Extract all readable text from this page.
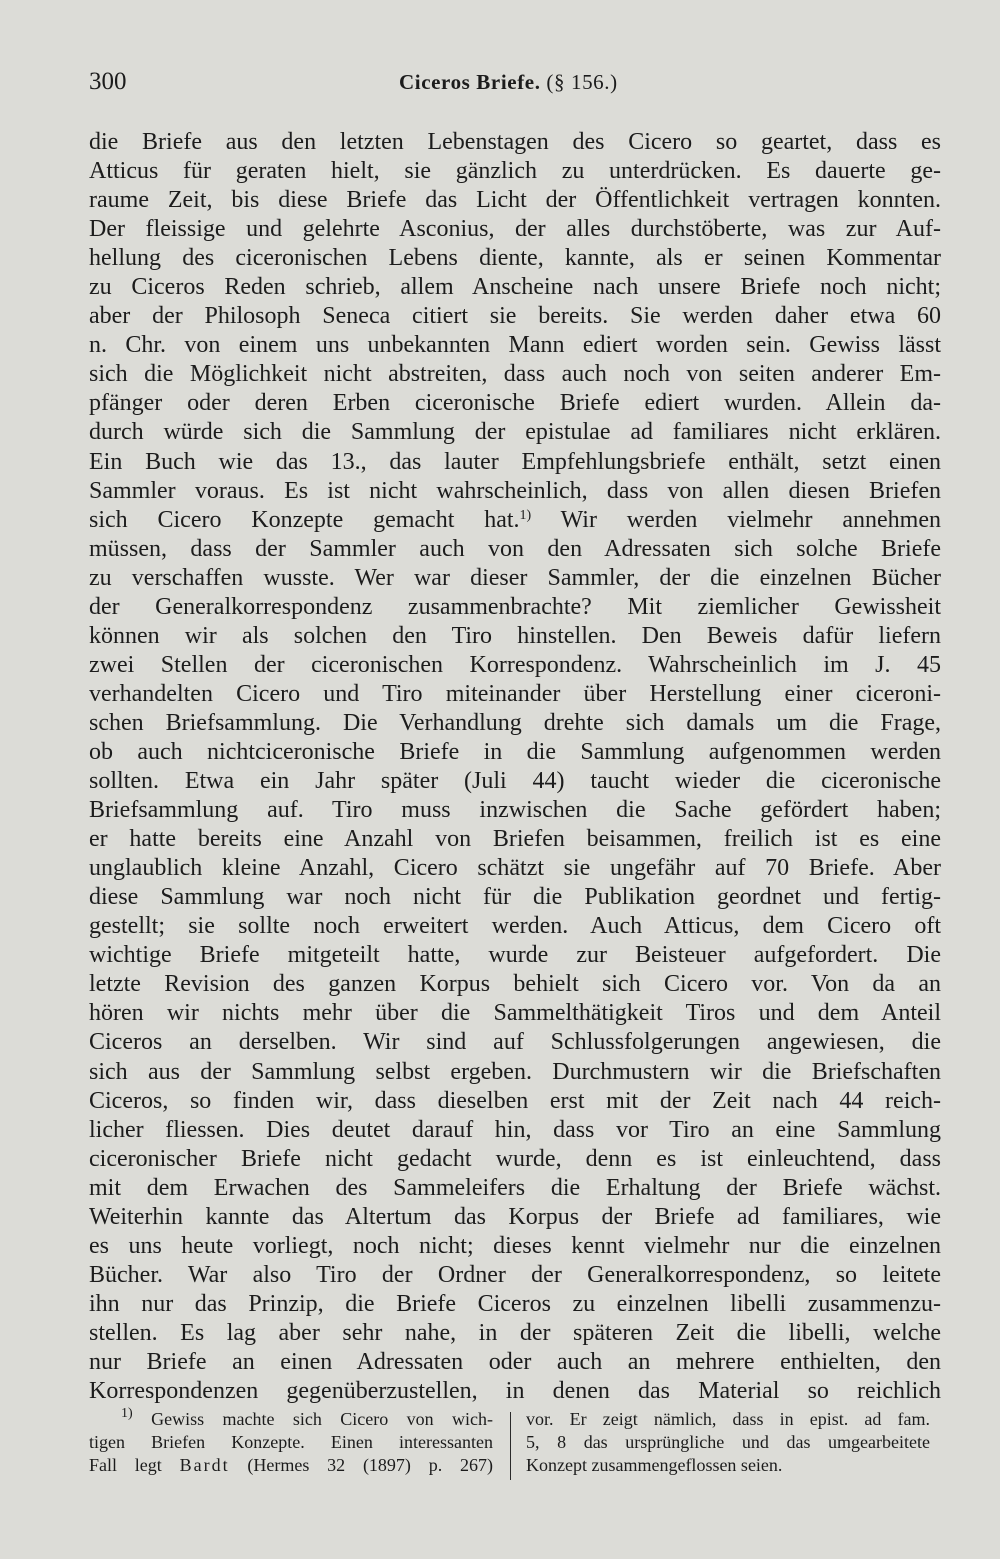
300	Ciceros Briefe. (§ 156.)
die Briefe aus den letzten Lebenstagen des Cicero so geartet, dass es
Atticus für geraten hielt, sie gänzlich zu unterdrücken. Es dauerte ge-
raume Zeit, bis diese Briefe das Licht der Öffentlichkeit vertragen konnten.
Der fleissige und gelehrte Asconius, der alles durchstöberte, was zur Auf-
hellung des ciceronischen Lebens diente, kannte, als er seinen Kommentar
zu Ciceros Reden schrieb, allem Anscheine nach unsere Briefe noch nicht;
aber der Philosoph Seneca citiert sie bereits. Sie werden daher etwa 60
n. Chr. von einem uns unbekannten Mann ediert worden sein. Gewiss lässt
sich die Möglichkeit nicht abstreiten, dass auch noch von seiten anderer Em-
pfänger oder deren Erben ciceronische Briefe ediert wurden. Allein da-
durch würde sich die Sammlung der epistulae ad familiares nicht erklären.
Ein Buch wie das 13., das lauter Empfehlungsbriefe enthält, setzt einen
Sammler voraus. Es ist nicht wahrscheinlich, dass von allen diesen Briefen
sich Cicero Konzepte gemacht hat.$^{1)}$ Wir werden vielmehr annehmen
müssen, dass der Sammler auch von den Adressaten sich solche Briefe
zu verschaffen wusste. Wer war dieser Sammler, der die einzelnen Bücher
der Generalkorrespondenz zusammenbrachte? Mit ziemlicher Gewissheit
können wir als solchen den Tiro hinstellen. Den Beweis dafür liefern
zwei Stellen der ciceronischen Korrespondenz. Wahrscheinlich im J. 45
verhandelten Cicero und Tiro miteinander über Herstellung einer ciceroni-
schen Briefsammlung. Die Verhandlung drehte sich damals um die Frage,
ob auch nichtciceronische Briefe in die Sammlung aufgenommen werden
sollten. Etwa ein Jahr später (Juli 44) taucht wieder die ciceronische
Briefsammlung auf. Tiro muss inzwischen die Sache gefördert haben;
er hatte bereits eine Anzahl von Briefen beisammen, freilich ist es eine
unglaublich kleine Anzahl, Cicero schätzt sie ungefähr auf 70 Briefe. Aber
diese Sammlung war noch nicht für die Publikation geordnet und fertig-
gestellt; sie sollte noch erweitert werden. Auch Atticus, dem Cicero oft
wichtige Briefe mitgeteilt hatte, wurde zur Beisteuer aufgefordert. Die
letzte Revision des ganzen Korpus behielt sich Cicero vor. Von da an
hören wir nichts mehr über die Sammelthätigkeit Tiros und dem Anteil
Ciceros an derselben. Wir sind auf Schlussfolgerungen angewiesen, die
sich aus der Sammlung selbst ergeben. Durchmustern wir die Briefschaften
Ciceros, so finden wir, dass dieselben erst mit der Zeit nach 44 reich-
licher fliessen. Dies deutet darauf hin, dass vor Tiro an eine Sammlung
ciceronischer Briefe nicht gedacht wurde, denn es ist einleuchtend, dass
mit dem Erwachen des Sammeleifers die Erhaltung der Briefe wächst.
Weiterhin kannte das Altertum das Korpus der Briefe ad familiares, wie
es uns heute vorliegt, noch nicht; dieses kennt vielmehr nur die einzelnen
Bücher. War also Tiro der Ordner der Generalkorrespondenz, so leitete
ihn nur das Prinzip, die Briefe Ciceros zu einzelnen libelli zusammenzu-
stellen. Es lag aber sehr nahe, in der späteren Zeit die libelli, welche
nur Briefe an einen Adressaten oder auch an mehrere enthielten, den
Korrespondenzen gegenüberzustellen, in denen das Material so reichlich
$^{1)}$ Gewiss machte sich Cicero von wich-
tigen Briefen Konzepte. Einen interessanten
Fall legt Bardt (Hermes 32 (1897) p. 267)
vor. Er zeigt nämlich, dass in epist. ad fam.
5, 8 das ursprüngliche und das umgearbeitete
Konzept zusammengeflossen seien.
